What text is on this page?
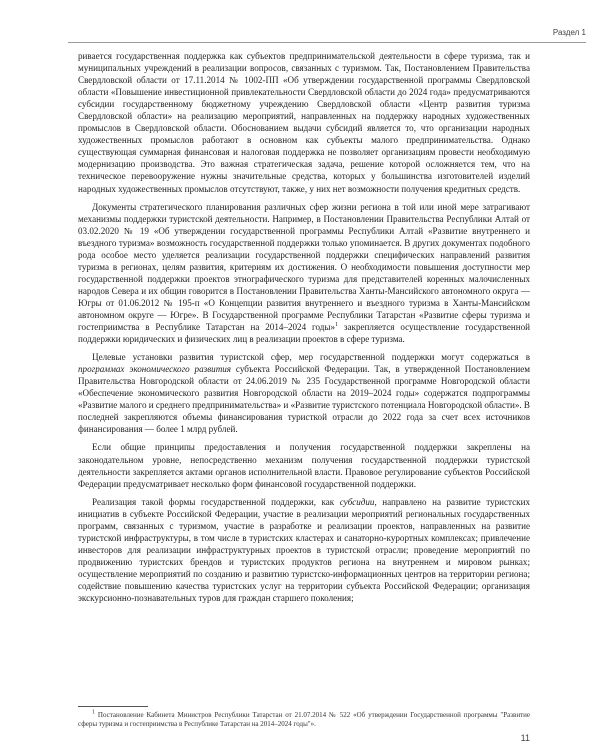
Раздел 1

ривается государственная поддержка как субъектов предпринимательской деятельности в сфере туризма, так и муниципальных учреждений в реализации вопросов, связанных с туризмом. Так, Постановлением Правительства Свердловской области от 17.11.2014 № 1002-ПП «Об утверждении государственной программы Свердловской области «Повышение инвестиционной привлекательности Свердловской области до 2024 года» предусматриваются субсидии государственному бюджетному учреждению Свердловской области «Центр развития туризма Свердловской области» на реализацию мероприятий, направленных на поддержку народных художественных промыслов в Свердловской области. Обоснованием выдачи субсидий является то, что организации народных художественных промыслов работают в основном как субъекты малого предпринимательства. Однако существующая суммарная финансовая и налоговая поддержка не позволяет организациям провести необходимую модернизацию производства. Это важная стратегическая задача, решение которой осложняется тем, что на техническое перевооружение нужны значительные средства, которых у большинства изготовителей изделий народных художественных промыслов отсутствуют, также, у них нет возможности получения кредитных средств.

Документы стратегического планирования различных сфер жизни региона в той или иной мере затрагивают механизмы поддержки туристской деятельности. Например, в Постановлении Правительства Республики Алтай от 03.02.2020 № 19 «Об утверждении государственной программы Республики Алтай «Развитие внутреннего и въездного туризма» возможность государственной поддержки только упоминается. В других документах подобного рода особое место уделяется реализации государственной поддержки специфических направлений развития туризма в регионах, целям развития, критериям их достижения. О необходимости повышения доступности мер государственной поддержки проектов этнографического туризма для представителей коренных малочисленных народов Севера и их общин говорится в Постановлении Правительства Ханты-Мансийского автономного округа — Югры от 01.06.2012 № 195-п «О Концепции развития внутреннего и въездного туризма в Ханты-Мансийском автономном округе — Югре». В Государственной программе Республики Татарстан «Развитие сферы туризма и гостеприимства в Республике Татарстан на 2014–2024 годы»$^1$ закрепляется осуществление государственной поддержки юридических и физических лиц в реализации проектов в сфере туризма.

Целевые установки развития туристской сфер, мер государственной поддержки могут содержаться в программах экономического развития субъекта Российской Федерации. Так, в утвержденной Постановлением Правительства Новгородской области от 24.06.2019 № 235 Государственной программе Новгородской области «Обеспечение экономического развития Новгородской области на 2019–2024 годы» содержатся подпрограммы «Развитие малого и среднего предпринимательства» и «Развитие туристского потенциала Новгородской области». В последней закрепляются объемы финансирования туристкой отрасли до 2022 года за счет всех источников финансирования — более 1 млрд рублей.

Если общие принципы предоставления и получения государственной поддержки закреплены на законодательном уровне, непосредственно механизм получения государственной поддержки туристской деятельности закрепляется актами органов исполнительной власти. Правовое регулирование субъектов Российской Федерации предусматривает несколько форм финансовой государственной поддержки.

Реализация такой формы государственной поддержки, как субсидии, направлено на развитие туристских инициатив в субъекте Российской Федерации, участие в реализации мероприятий региональных государственных программ, связанных с туризмом, участие в разработке и реализации проектов, направленных на развитие туристской инфраструктуры, в том числе в туристских кластерах и санаторно-курортных комплексах; привлечение инвесторов для реализации инфраструктурных проектов в туристской отрасли; проведение мероприятий по продвижению туристских брендов и туристских продуктов региона на внутреннем и мировом рынках; осуществление мероприятий по созданию и развитию туристско-информационных центров на территории региона; содействие повышению качества туристских услуг на территории субъекта Российской Федерации; организация экскурсионно-познавательных туров для граждан старшего поколения;

$^1$ Постановление Кабинета Министров Республики Татарстан от 21.07.2014 № 522 «Об утверждении Государственной программы "Развитие сферы туризма и гостеприимства в Республике Татарстан на 2014–2024 годы"».
11
